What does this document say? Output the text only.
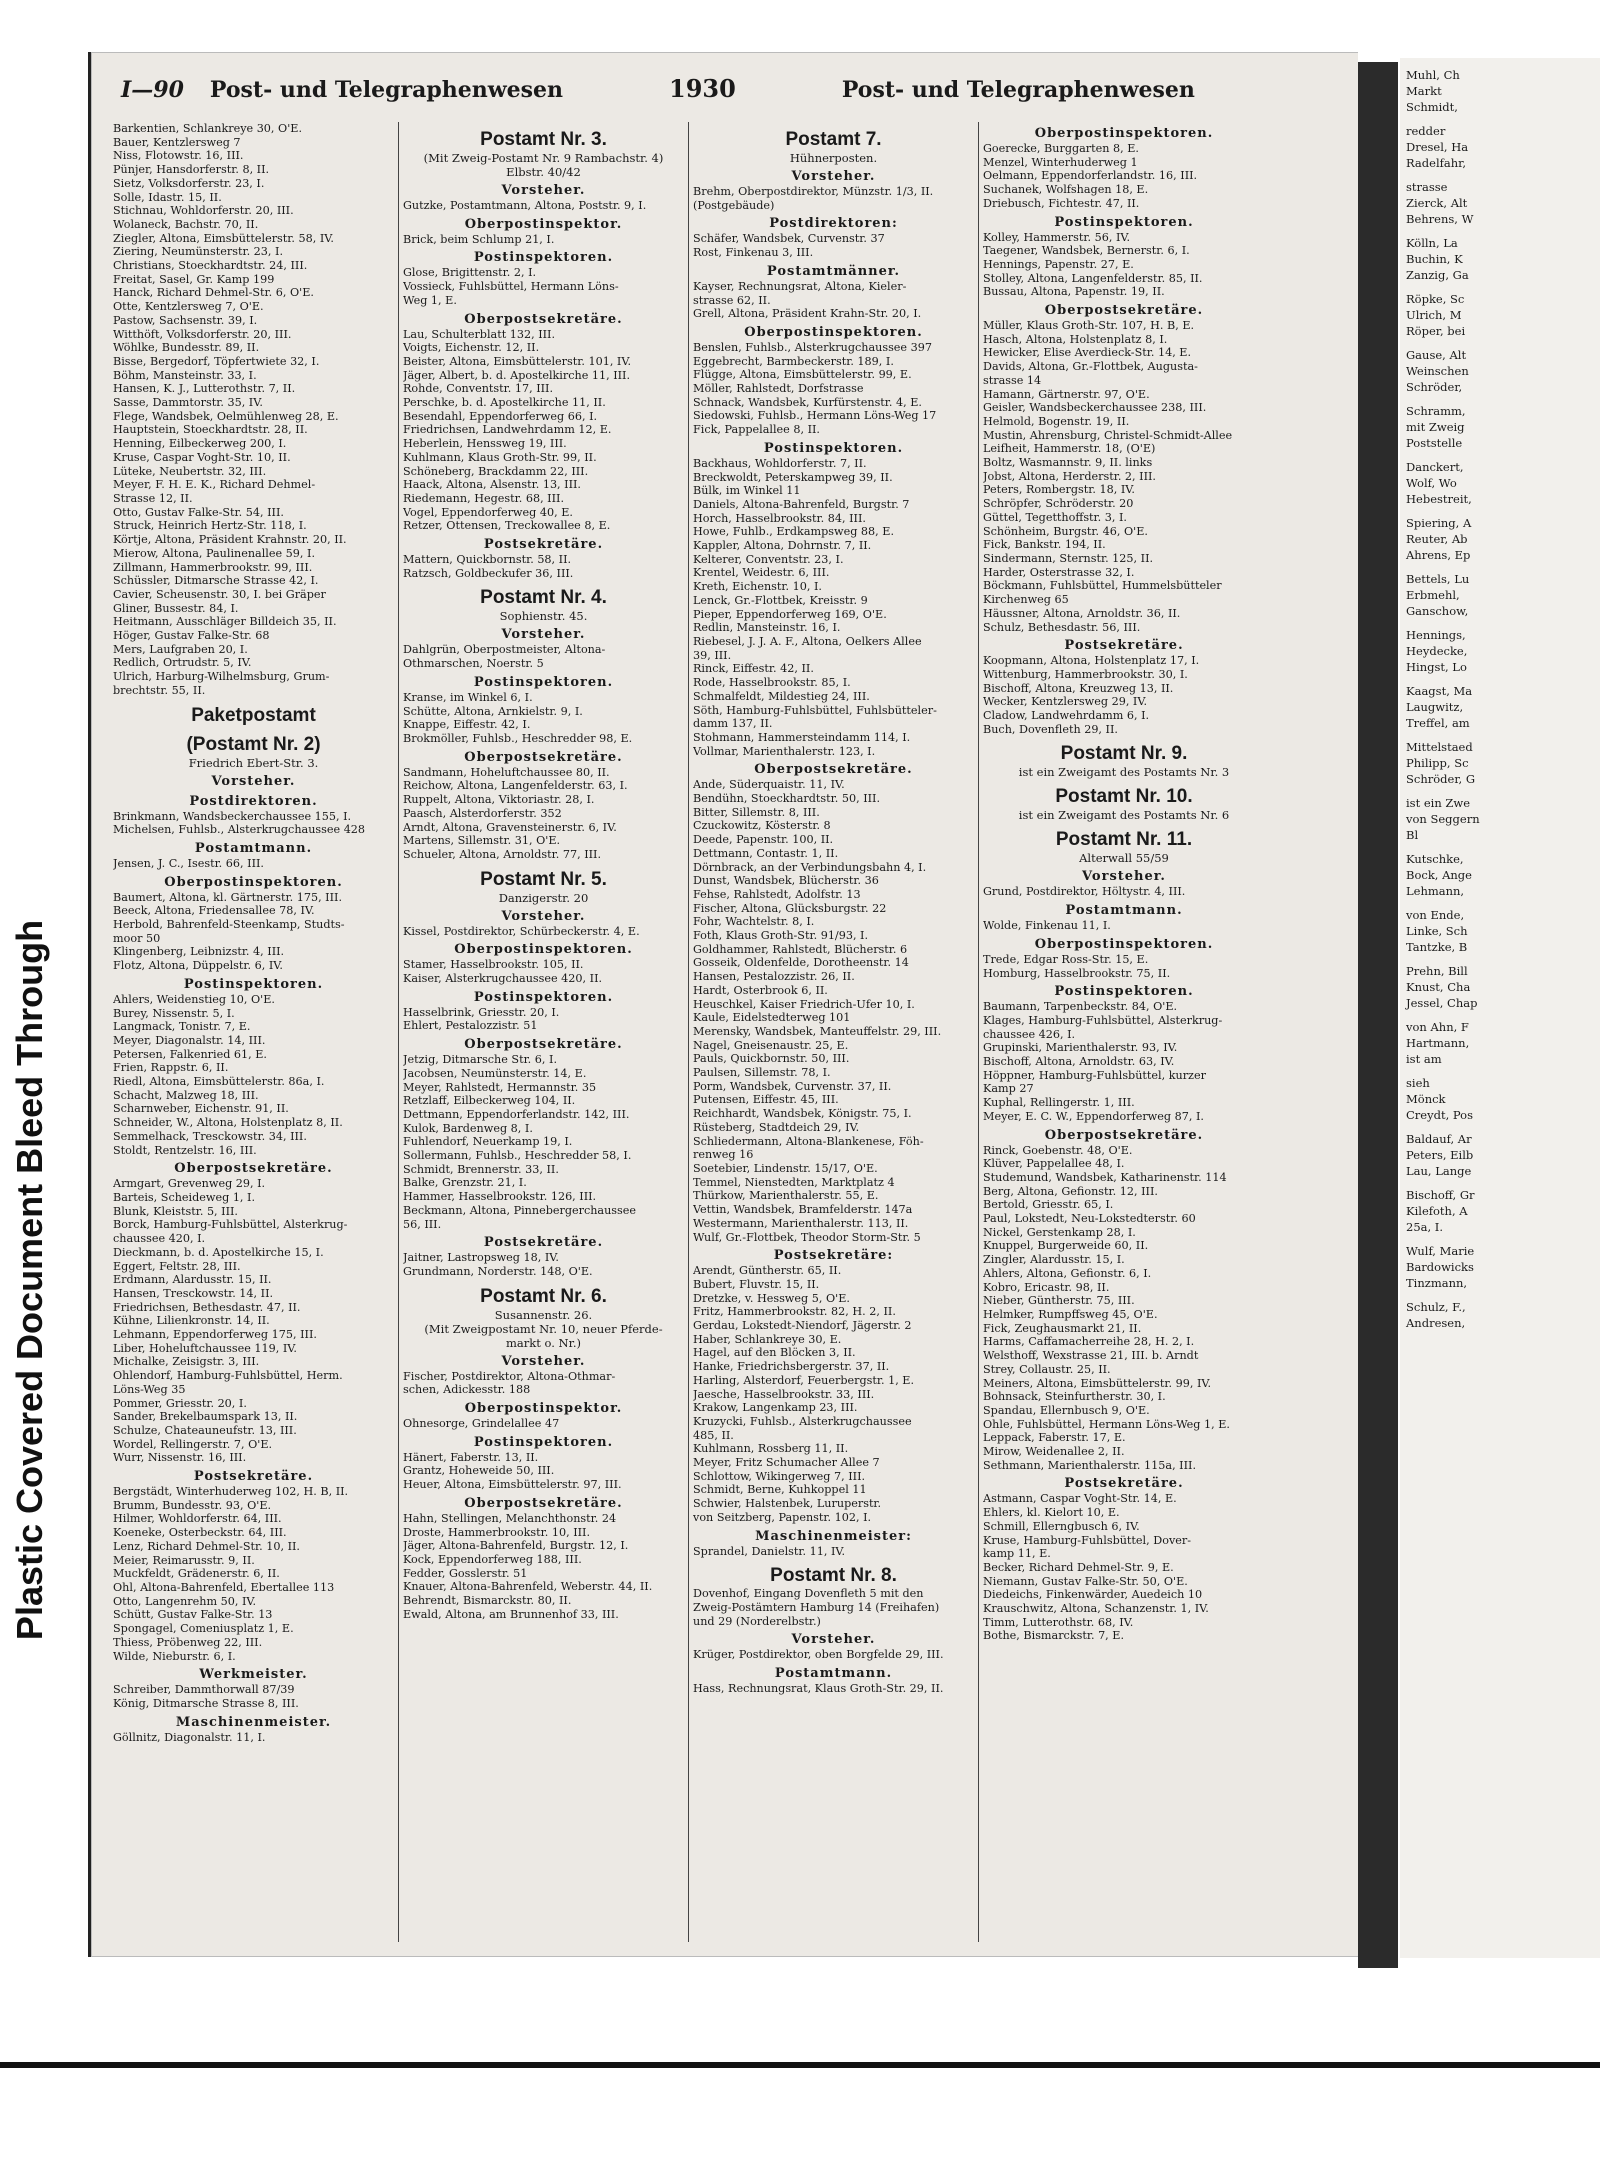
Plastic Covered Document Bleed Through
I—90 Post- und Telegraphenwesen	1930	Post- und Telegraphenwesen
Barkentien, Schlankreye 30, O'E.
Bauer, Kentzlersweg 7
Niss, Flotowstr. 16, III.
Pünjer, Hansdorferstr. 8, II.
Sietz, Volksdorferstr. 23, I.
Solle, Idastr. 15, II.
Stichnau, Wohldorferstr. 20, III.
Wolaneck, Bachstr. 70, II.
Ziegler, Altona, Eimsbüttelerstr. 58, IV.
Ziering, Neumünsterstr. 23, I.
Christians, Stoeckhardtstr. 24, III.
Freitat, Sasel, Gr. Kamp 199
Hanck, Richard Dehmel-Str. 6, O'E.
Otte, Kentzlersweg 7, O'E.
Pastow, Sachsenstr. 39, I.
Witthöft, Volksdorferstr. 20, III.
Wöhlke, Bundesstr. 89, II.
Bisse, Bergedorf, Töpfertwiete 32, I.
Böhm, Mansteinstr. 33, I.
Hansen, K. J., Lutterothstr. 7, II.
Sasse, Dammtorstr. 35, IV.
Flege, Wandsbek, Oelmühlenweg 28, E.
Hauptstein, Stoeckhardtstr. 28, II.
Henning, Eilbeckerweg 200, I.
Kruse, Caspar Voght-Str. 10, II.
Lüteke, Neubertstr. 32, III.
Meyer, F. H. E. K., Richard Dehmel-
Strasse 12, II.
Otto, Gustav Falke-Str. 54, III.
Struck, Heinrich Hertz-Str. 118, I.
Körtje, Altona, Präsident Krahnstr. 20, II.
Mierow, Altona, Paulinenallee 59, I.
Zillmann, Hammerbrookstr. 99, III.
Schüssler, Ditmarsche Strasse 42, I.
Cavier, Scheusenstr. 30, I. bei Gräper
Gliner, Bussestr. 84, I.
Heitmann, Ausschläger Billdeich 35, II.
Höger, Gustav Falke-Str. 68
Mers, Laufgraben 20, I.
Redlich, Ortrudstr. 5, IV.
Ulrich, Harburg-Wilhelmsburg, Grum-
brechtstr. 55, II.
Paketpostamt
(Postamt Nr. 2)
Friedrich Ebert-Str. 3.
Vorsteher.
Postdirektoren.
Brinkmann, Wandsbeckerchaussee 155, I.
Michelsen, Fuhlsb., Alsterkrugchaussee 428
Postamtmann.
Jensen, J. C., Isestr. 66, III.
Oberpostinspektoren.
Baumert, Altona, kl. Gärtnerstr. 175, III.
Beeck, Altona, Friedensallee 78, IV.
Herbold, Bahrenfeld-Steenkamp, Studts-
moor 50
Klingenberg, Leibnizstr. 4, III.
Flotz, Altona, Düppelstr. 6, IV.
Postinspektoren.
Ahlers, Weidenstieg 10, O'E.
Burey, Nissenstr. 5, I.
Langmack, Tonistr. 7, E.
Meyer, Diagonalstr. 14, III.
Petersen, Falkenried 61, E.
Frien, Rappstr. 6, II.
Riedl, Altona, Eimsbüttelerstr. 86a, I.
Schacht, Malzweg 18, III.
Scharnweber, Eichenstr. 91, II.
Schneider, W., Altona, Holstenplatz 8, II.
Semmelhack, Tresckowstr. 34, III.
Stoldt, Rentzelstr. 16, III.
Oberpostsekretäre.
Armgart, Grevenweg 29, I.
Barteis, Scheideweg 1, I.
Blunk, Kleiststr. 5, III.
Borck, Hamburg-Fuhlsbüttel, Alsterkrug-
chaussee 420, I.
Dieckmann, b. d. Apostelkirche 15, I.
Eggert, Feltstr. 28, III.
Erdmann, Alardusstr. 15, II.
Hansen, Tresckowstr. 14, II.
Friedrichsen, Bethesdastr. 47, II.
Kühne, Lilienkronstr. 14, II.
Lehmann, Eppendorferweg 175, III.
Liber, Hoheluftchaussee 119, IV.
Michalke, Zeisigstr. 3, III.
Ohlendorf, Hamburg-Fuhlsbüttel, Herm.
Löns-Weg 35
Pommer, Griesstr. 20, I.
Sander, Brekelbaumspark 13, II.
Schulze, Chateauneufstr. 13, III.
Wordel, Rellingerstr. 7, O'E.
Wurr, Nissenstr. 16, III.
Postsekretäre.
Bergstädt, Winterhuderweg 102, H. B, II.
Brumm, Bundesstr. 93, O'E.
Hilmer, Wohldorferstr. 64, III.
Koeneke, Osterbeckstr. 64, III.
Lenz, Richard Dehmel-Str. 10, II.
Meier, Reimarusstr. 9, II.
Muckfeldt, Grädenerstr. 6, II.
Ohl, Altona-Bahrenfeld, Ebertallee 113
Otto, Langenrehm 50, IV.
Schütt, Gustav Falke-Str. 13
Spongagel, Comeniusplatz 1, E.
Thiess, Pröbenweg 22, III.
Wilde, Nieburstr. 6, I.
Werkmeister.
Schreiber, Dammthorwall 87/39
König, Ditmarsche Strasse 8, III.
Maschinenmeister.
Göllnitz, Diagonalstr. 11, I.
Postamt Nr. 3.
(Mit Zweig-Postamt Nr. 9 Rambachstr. 4)
Elbstr. 40/42
Vorsteher.
Gutzke, Postamtmann, Altona, Poststr. 9, I.
Oberpostinspektor.
Brick, beim Schlump 21, I.
Postinspektoren.
Glose, Brigittenstr. 2, I.
Vossieck, Fuhlsbüttel, Hermann Löns-
Weg 1, E.
Oberpostsekretäre.
Lau, Schulterblatt 132, III.
Voigts, Eichenstr. 12, II.
Beister, Altona, Eimsbüttelerstr. 101, IV.
Jäger, Albert, b. d. Apostelkirche 11, III.
Rohde, Conventstr. 17, III.
Perschke, b. d. Apostelkirche 11, II.
Besendahl, Eppendorferweg 66, I.
Friedrichsen, Landwehrdamm 12, E.
Heberlein, Henssweg 19, III.
Kuhlmann, Klaus Groth-Str. 99, II.
Schöneberg, Brackdamm 22, III.
Haack, Altona, Alsenstr. 13, III.
Riedemann, Hegestr. 68, III.
Vogel, Eppendorferweg 40, E.
Retzer, Ottensen, Treckowallee 8, E.
Postsekretäre.
Mattern, Quickbornstr. 58, II.
Ratzsch, Goldbeckufer 36, III.
Postamt Nr. 4.
Sophienstr. 45.
Vorsteher.
Dahlgrün, Oberpostmeister, Altona-
Othmarschen, Noerstr. 5
Postinspektoren.
Kranse, im Winkel 6, I.
Schütte, Altona, Arnkielstr. 9, I.
Knappe, Eiffestr. 42, I.
Brokmöller, Fuhlsb., Heschredder 98, E.
Oberpostsekretäre.
Sandmann, Hoheluftchaussee 80, II.
Reichow, Altona, Langenfelderstr. 63, I.
Ruppelt, Altona, Viktoriastr. 28, I.
Paasch, Alsterdorferstr. 352
Arndt, Altona, Gravensteinerstr. 6, IV.
Martens, Sillemstr. 31, O'E.
Schueler, Altona, Arnoldstr. 77, III.
Postamt Nr. 5.
Danzigerstr. 20
Vorsteher.
Kissel, Postdirektor, Schürbeckerstr. 4, E.
Oberpostinspektoren.
Stamer, Hasselbrookstr. 105, II.
Kaiser, Alsterkrugchaussee 420, II.
Postinspektoren.
Hasselbrink, Griesstr. 20, I.
Ehlert, Pestalozzistr. 51
Oberpostsekretäre.
Jetzig, Ditmarsche Str. 6, I.
Jacobsen, Neumünsterstr. 14, E.
Meyer, Rahlstedt, Hermannstr. 35
Retzlaff, Eilbeckerweg 104, II.
Dettmann, Eppendorferlandstr. 142, III.
Kulok, Bardenweg 8, I.
Fuhlendorf, Neuerkamp 19, I.
Sollermann, Fuhlsb., Heschredder 58, I.
Schmidt, Brennerstr. 33, II.
Balke, Grenzstr. 21, I.
Hammer, Hasselbrookstr. 126, III.
Beckmann, Altona, Pinnebergerchaussee
56, III.
Postsekretäre.
Jaitner, Lastropsweg 18, IV.
Grundmann, Norderstr. 148, O'E.
Postamt Nr. 6.
Susannenstr. 26.
(Mit Zweigpostamt Nr. 10, neuer Pferde-
markt o. Nr.)
Vorsteher.
Fischer, Postdirektor, Altona-Othmar-
schen, Adickesstr. 188
Oberpostinspektor.
Ohnesorge, Grindelallee 47
Postinspektoren.
Hänert, Faberstr. 13, II.
Grantz, Hoheweide 50, III.
Heuer, Altona, Eimsbüttelerstr. 97, III.
Oberpostsekretäre.
Hahn, Stellingen, Melanchthonstr. 24
Droste, Hammerbrookstr. 10, III.
Jäger, Altona-Bahrenfeld, Burgstr. 12, I.
Kock, Eppendorferweg 188, III.
Fedder, Gosslerstr. 51
Knauer, Altona-Bahrenfeld, Weberstr. 44, II.
Behrendt, Bismarckstr. 80, II.
Ewald, Altona, am Brunnenhof 33, III.
Postamt 7.
Hühnerposten.
Vorsteher.
Brehm, Oberpostdirektor, Münzstr. 1/3, II.
(Postgebäude)
Postdirektoren:
Schäfer, Wandsbek, Curvenstr. 37
Rost, Finkenau 3, III.
Postamtmänner.
Kayser, Rechnungsrat, Altona, Kieler-
strasse 62, II.
Grell, Altona, Präsident Krahn-Str. 20, I.
Oberpostinspektoren.
Benslen, Fuhlsb., Alsterkrugchaussee 397
Eggebrecht, Barmbeckerstr. 189, I.
Flügge, Altona, Eimsbüttelerstr. 99, E.
Möller, Rahlstedt, Dorfstrasse
Schnack, Wandsbek, Kurfürstenstr. 4, E.
Siedowski, Fuhlsb., Hermann Löns-Weg 17
Fick, Pappelallee 8, II.
Postinspektoren.
Backhaus, Wohldorferstr. 7, II.
Breckwoldt, Peterskampweg 39, II.
Bülk, im Winkel 11
Daniels, Altona-Bahrenfeld, Burgstr. 7
Horch, Hasselbrookstr. 84, III.
Howe, Fuhlb., Erdkampsweg 88, E.
Kappler, Altona, Dohrnstr. 7, II.
Kelterer, Conventstr. 23, I.
Krentel, Weidestr. 6, III.
Kreth, Eichenstr. 10, I.
Lenck, Gr.-Flottbek, Kreisstr. 9
Pieper, Eppendorferweg 169, O'E.
Redlin, Mansteinstr. 16, I.
Riebesel, J. J. A. F., Altona, Oelkers Allee
39, III.
Rinck, Eiffestr. 42, II.
Rode, Hasselbrookstr. 85, I.
Schmalfeldt, Mildestieg 24, III.
Söth, Hamburg-Fuhlsbüttel, Fuhlsbütteler-
damm 137, II.
Stohmann, Hammersteindamm 114, I.
Vollmar, Marienthalerstr. 123, I.
Oberpostsekretäre.
Ande, Süderquaistr. 11, IV.
Bendühn, Stoeckhardtstr. 50, III.
Bitter, Sillemstr. 8, III.
Czuckowitz, Kösterstr. 8
Deede, Papenstr. 100, II.
Dettmann, Contastr. 1, II.
Dörnbrack, an der Verbindungsbahn 4, I.
Dunst, Wandsbek, Blücherstr. 36
Fehse, Rahlstedt, Adolfstr. 13
Fischer, Altona, Glücksburgstr. 22
Fohr, Wachtelstr. 8, I.
Foth, Klaus Groth-Str. 91/93, I.
Goldhammer, Rahlstedt, Blücherstr. 6
Gosseik, Oldenfelde, Dorotheenstr. 14
Hansen, Pestalozzistr. 26, II.
Hardt, Osterbrook 6, II.
Heuschkel, Kaiser Friedrich-Ufer 10, I.
Kaule, Eidelstedterweg 101
Merensky, Wandsbek, Manteuffelstr. 29, III.
Nagel, Gneisenaustr. 25, E.
Pauls, Quickbornstr. 50, III.
Paulsen, Sillemstr. 78, I.
Porm, Wandsbek, Curvenstr. 37, II.
Putensen, Eiffestr. 45, III.
Reichhardt, Wandsbek, Königstr. 75, I.
Rüsteberg, Stadtdeich 29, IV.
Schliedermann, Altona-Blankenese, Föh-
renweg 16
Soetebier, Lindenstr. 15/17, O'E.
Temmel, Nienstedten, Marktplatz 4
Thürkow, Marienthalerstr. 55, E.
Vettin, Wandsbek, Bramfelderstr. 147a
Westermann, Marienthalerstr. 113, II.
Wulf, Gr.-Flottbek, Theodor Storm-Str. 5
Postsekretäre:
Arendt, Güntherstr. 65, II.
Bubert, Fluvstr. 15, II.
Dretzke, v. Hessweg 5, O'E.
Fritz, Hammerbrookstr. 82, H. 2, II.
Gerdau, Lokstedt-Niendorf, Jägerstr. 2
Haber, Schlankreye 30, E.
Hagel, auf den Blöcken 3, II.
Hanke, Friedrichsbergerstr. 37, II.
Harling, Alsterdorf, Feuerbergstr. 1, E.
Jaesche, Hasselbrookstr. 33, III.
Krakow, Langenkamp 23, III.
Kruzycki, Fuhlsb., Alsterkrugchaussee
485, II.
Kuhlmann, Rossberg 11, II.
Meyer, Fritz Schumacher Allee 7
Schlottow, Wikingerweg 7, III.
Schmidt, Berne, Kuhkoppel 11
Schwier, Halstenbek, Luruperstr.
von Seitzberg, Papenstr. 102, I.
Maschinenmeister:
Sprandel, Danielstr. 11, IV.
Postamt Nr. 8.
Dovenhof, Eingang Dovenfleth 5 mit den
Zweig-Postämtern Hamburg 14 (Freihafen)
und 29 (Norderelbstr.)
Vorsteher.
Krüger, Postdirektor, oben Borgfelde 29, III.
Postamtmann.
Hass, Rechnungsrat, Klaus Groth-Str. 29, II.
Oberpostinspektoren.
Goerecke, Burggarten 8, E.
Menzel, Winterhuderweg 1
Oelmann, Eppendorferlandstr. 16, III.
Suchanek, Wolfshagen 18, E.
Driebusch, Fichtestr. 47, II.
Postinspektoren.
Kolley, Hammerstr. 56, IV.
Taegener, Wandsbek, Bernerstr. 6, I.
Hennings, Papenstr. 27, E.
Stolley, Altona, Langenfelderstr. 85, II.
Bussau, Altona, Papenstr. 19, II.
Oberpostsekretäre.
Müller, Klaus Groth-Str. 107, H. B, E.
Hasch, Altona, Holstenplatz 8, I.
Hewicker, Elise Averdieck-Str. 14, E.
Davids, Altona, Gr.-Flottbek, Augusta-
strasse 14
Hamann, Gärtnerstr. 97, O'E.
Geisler, Wandsbeckerchaussee 238, III.
Helmold, Bogenstr. 19, II.
Mustin, Ahrensburg, Christel-Schmidt-Allee
Leifheit, Hammerstr. 18, (O'E)
Boltz, Wasmannstr. 9, II. links
Jobst, Altona, Herderstr. 2, III.
Peters, Rombergstr. 18, IV.
Schröpfer, Schröderstr. 20
Güttel, Tegetthoffstr. 3, I.
Schönheim, Burgstr. 46, O'E.
Fick, Bankstr. 194, II.
Sindermann, Sternstr. 125, II.
Harder, Osterstrasse 32, I.
Böckmann, Fuhlsbüttel, Hummelsbütteler
Kirchenweg 65
Häussner, Altona, Arnoldstr. 36, II.
Schulz, Bethesdastr. 56, III.
Postsekretäre.
Koopmann, Altona, Holstenplatz 17, I.
Wittenburg, Hammerbrookstr. 30, I.
Bischoff, Altona, Kreuzweg 13, II.
Wecker, Kentzlersweg 29, IV.
Cladow, Landwehrdamm 6, I.
Buch, Dovenfleth 29, II.
Postamt Nr. 9.
ist ein Zweigamt des Postamts Nr. 3
Postamt Nr. 10.
ist ein Zweigamt des Postamts Nr. 6
Postamt Nr. 11.
Alterwall 55/59
Vorsteher.
Grund, Postdirektor, Höltystr. 4, III.
Postamtmann.
Wolde, Finkenau 11, I.
Oberpostinspektoren.
Trede, Edgar Ross-Str. 15, E.
Homburg, Hasselbrookstr. 75, II.
Postinspektoren.
Baumann, Tarpenbeckstr. 84, O'E.
Klages, Hamburg-Fuhlsbüttel, Alsterkrug-
chaussee 426, I.
Grupinski, Marienthalerstr. 93, IV.
Bischoff, Altona, Arnoldstr. 63, IV.
Höppner, Hamburg-Fuhlsbüttel, kurzer
Kamp 27
Kuphal, Rellingerstr. 1, III.
Meyer, E. C. W., Eppendorferweg 87, I.
Oberpostsekretäre.
Rinck, Goebenstr. 48, O'E.
Klüver, Pappelallee 48, I.
Studemund, Wandsbek, Katharinenstr. 114
Berg, Altona, Gefionstr. 12, III.
Bertold, Griesstr. 65, I.
Paul, Lokstedt, Neu-Lokstedterstr. 60
Nickel, Gerstenkamp 28, I.
Knuppel, Burgerweide 60, II.
Zingler, Alardusstr. 15, I.
Ahlers, Altona, Gefionstr. 6, I.
Kobro, Ericastr. 98, II.
Nieber, Güntherstr. 75, III.
Helmker, Rumpffsweg 45, O'E.
Fick, Zeughausmarkt 21, II.
Harms, Caffamacherreihe 28, H. 2, I.
Welsthoff, Wexstrasse 21, III. b. Arndt
Strey, Collaustr. 25, II.
Meiners, Altona, Eimsbüttelerstr. 99, IV.
Bohnsack, Steinfurtherstr. 30, I.
Spandau, Ellernbusch 9, O'E.
Ohle, Fuhlsbüttel, Hermann Löns-Weg 1, E.
Leppack, Faberstr. 17, E.
Mirow, Weidenallee 2, II.
Sethmann, Marienthalerstr. 115a, III.
Postsekretäre.
Astmann, Caspar Voght-Str. 14, E.
Ehlers, kl. Kielort 10, E.
Schmill, Ellerngbusch 6, IV.
Kruse, Hamburg-Fuhlsbüttel, Dover-
kamp 11, E.
Becker, Richard Dehmel-Str. 9, E.
Niemann, Gustav Falke-Str. 50, O'E.
Diedeichs, Finkenwärder, Auedeich 10
Krauschwitz, Altona, Schanzenstr. 1, IV.
Timm, Lutterothstr. 68, IV.
Bothe, Bismarckstr. 7, E.
Muhl, Ch
Markt
Schmidt,
redder
Dresel, Ha
Radelfahr,
strasse
Zierck, Alt
Behrens, W
Kölln, La
Buchin, K
Zanzig, Ga
Röpke, Sc
Ulrich, M
Röper, bei
Gause, Alt
Weinschen
Schröder,
Schramm,
mit Zweig
Poststelle
Danckert,
Wolf, Wo
Hebestreit,
Spiering, A
Reuter, Ab
Ahrens, Ep
Bettels, Lu
Erbmehl,
Ganschow,
Hennings,
Heydecke,
Hingst, Lo
Kaagst, Ma
Laugwitz,
Treffel, am
Mittelstaed
Philipp, Sc
Schröder, G
ist ein Zwe
von Seggern
Bl
Kutschke,
Bock, Ange
Lehmann,
von Ende,
Linke, Sch
Tantzke, B
Prehn, Bill
Knust, Cha
Jessel, Chap
von Ahn, F
Hartmann,
ist am
sieh
Mönck
Creydt, Pos
Baldauf, Ar
Peters, Eilb
Lau, Lange
Bischoff, Gr
Kilefoth, A
25a, I.
Wulf, Marie
Bardowicks
Tinzmann,
Schulz, F.,
Andresen,
